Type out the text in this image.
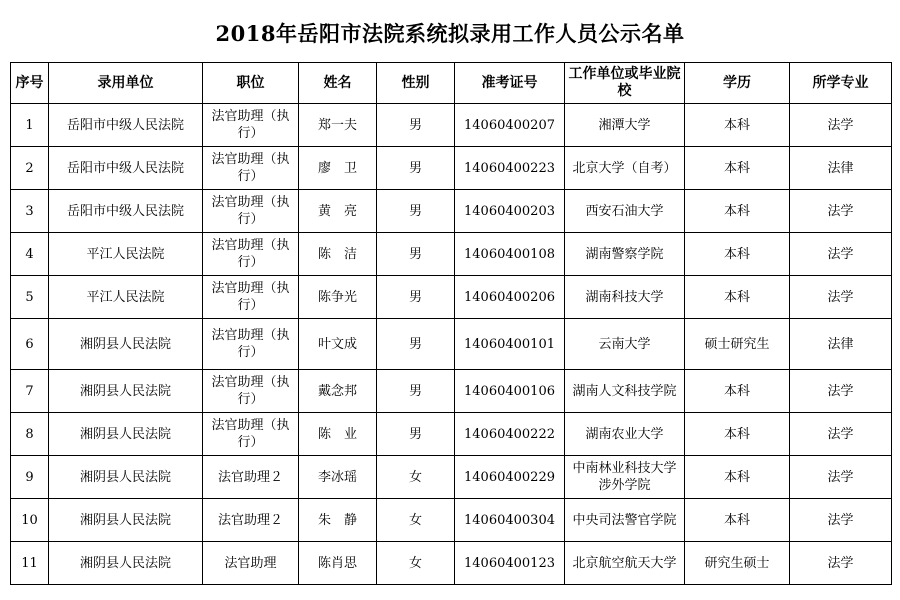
2018年岳阳市法院系统拟录用工作人员公示名单
序号	录用单位	职位	姓名	性别	准考证号	工作单位或毕业院校	学历	所学专业
1	岳阳市中级人民法院	法官助理（执行）	郑一夫	男	14060400207	湘潭大学	本科	法学
2	岳阳市中级人民法院	法官助理（执行）	廖　卫	男	14060400223	北京大学（自考）	本科	法律
3	岳阳市中级人民法院	法官助理（执行）	黄　亮	男	14060400203	西安石油大学	本科	法学
4	平江人民法院	法官助理（执行）	陈　洁	男	14060400108	湖南警察学院	本科	法学
5	平江人民法院	法官助理（执行）	陈争光	男	14060400206	湖南科技大学	本科	法学
6	湘阴县人民法院	法官助理（执行）	叶文成	男	14060400101	云南大学	硕士研究生	法律
7	湘阴县人民法院	法官助理（执行）	戴念邦	男	14060400106	湖南人文科技学院	本科	法学
8	湘阴县人民法院	法官助理（执行）	陈　业	男	14060400222	湖南农业大学	本科	法学
9	湘阴县人民法院	法官助理２	李冰瑶	女	14060400229	中南林业科技大学涉外学院	本科	法学
10	湘阴县人民法院	法官助理２	朱　静	女	14060400304	中央司法警官学院	本科	法学
11	湘阴县人民法院	法官助理	陈肖思	女	14060400123	北京航空航天大学	研究生硕士	法学
